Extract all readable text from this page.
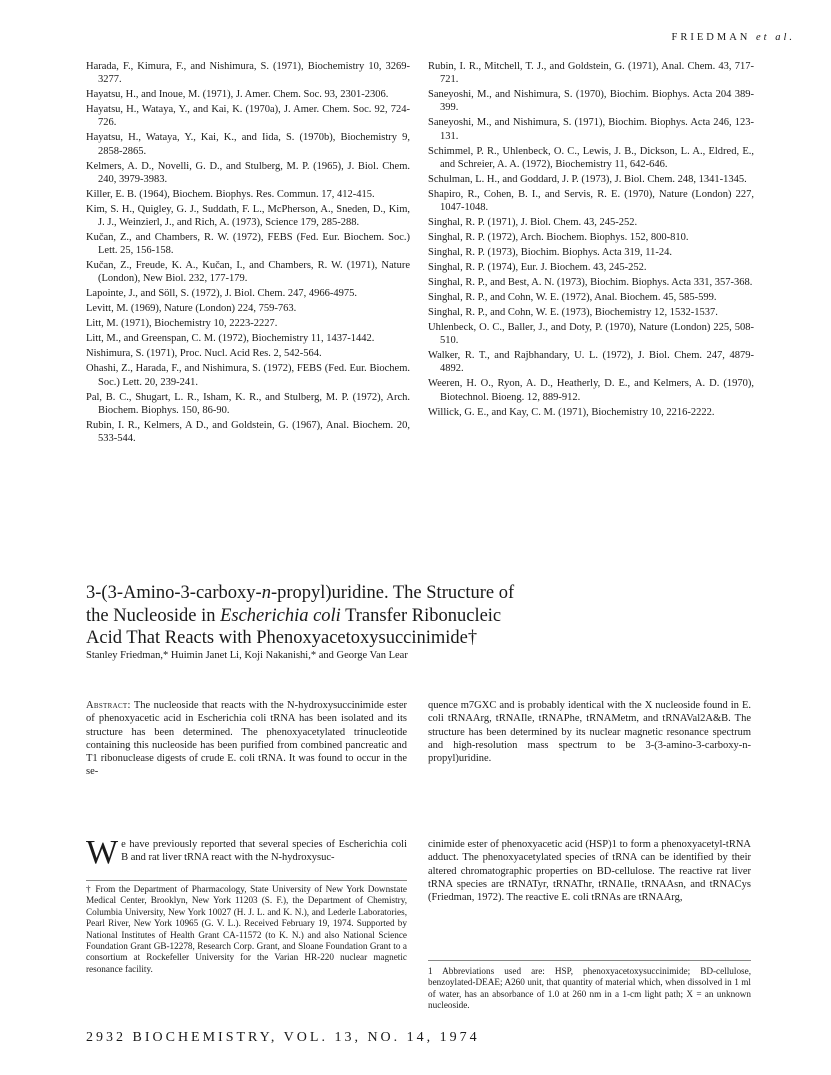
FRIEDMAN et al.

Harada, F., Kimura, F., and Nishimura, S. (1971), Biochemistry 10, 3269-3277.

Hayatsu, H., and Inoue, M. (1971), J. Amer. Chem. Soc. 93, 2301-2306.

Hayatsu, H., Wataya, Y., and Kai, K. (1970a), J. Amer. Chem. Soc. 92, 724-726.

Hayatsu, H., Wataya, Y., Kai, K., and Iida, S. (1970b), Biochemistry 9, 2858-2865.

Kelmers, A. D., Novelli, G. D., and Stulberg, M. P. (1965), J. Biol. Chem. 240, 3979-3983.

Killer, E. B. (1964), Biochem. Biophys. Res. Commun. 17, 412-415.

Kim, S. H., Quigley, G. J., Suddath, F. L., McPherson, A., Sneden, D., Kim, J. J., Weinzierl, J., and Rich, A. (1973), Science 179, 285-288.

Kučan, Z., and Chambers, R. W. (1972), FEBS (Fed. Eur. Biochem. Soc.) Lett. 25, 156-158.

Kučan, Z., Freude, K. A., Kučan, I., and Chambers, R. W. (1971), Nature (London), New Biol. 232, 177-179.

Lapointe, J., and Söll, S. (1972), J. Biol. Chem. 247, 4966-4975.

Levitt, M. (1969), Nature (London) 224, 759-763.

Litt, M. (1971), Biochemistry 10, 2223-2227.

Litt, M., and Greenspan, C. M. (1972), Biochemistry 11, 1437-1442.

Nishimura, S. (1971), Proc. Nucl. Acid Res. 2, 542-564.

Ohashi, Z., Harada, F., and Nishimura, S. (1972), FEBS (Fed. Eur. Biochem. Soc.) Lett. 20, 239-241.

Pal, B. C., Shugart, L. R., Isham, K. R., and Stulberg, M. P. (1972), Arch. Biochem. Biophys. 150, 86-90.

Rubin, I. R., Kelmers, A D., and Goldstein, G. (1967), Anal. Biochem. 20, 533-544.

Rubin, I. R., Mitchell, T. J., and Goldstein, G. (1971), Anal. Chem. 43, 717-721.

Saneyoshi, M., and Nishimura, S. (1970), Biochim. Biophys. Acta 204 389-399.

Saneyoshi, M., and Nishimura, S. (1971), Biochim. Biophys. Acta 246, 123-131.

Schimmel, P. R., Uhlenbeck, O. C., Lewis, J. B., Dickson, L. A., Eldred, E., and Schreier, A. A. (1972), Biochemistry 11, 642-646.

Schulman, L. H., and Goddard, J. P. (1973), J. Biol. Chem. 248, 1341-1345.

Shapiro, R., Cohen, B. I., and Servis, R. E. (1970), Nature (London) 227, 1047-1048.

Singhal, R. P. (1971), J. Biol. Chem. 43, 245-252.

Singhal, R. P. (1972), Arch. Biochem. Biophys. 152, 800-810.

Singhal, R. P. (1973), Biochim. Biophys. Acta 319, 11-24.

Singhal, R. P. (1974), Eur. J. Biochem. 43, 245-252.

Singhal, R. P., and Best, A. N. (1973), Biochim. Biophys. Acta 331, 357-368.

Singhal, R. P., and Cohn, W. E. (1972), Anal. Biochem. 45, 585-599.

Singhal, R. P., and Cohn, W. E. (1973), Biochemistry 12, 1532-1537.

Uhlenbeck, O. C., Baller, J., and Doty, P. (1970), Nature (London) 225, 508-510.

Walker, R. T., and Rajbhandary, U. L. (1972), J. Biol. Chem. 247, 4879-4892.

Weeren, H. O., Ryon, A. D., Heatherly, D. E., and Kelmers, A. D. (1970), Biotechnol. Bioeng. 12, 889-912.

Willick, G. E., and Kay, C. M. (1971), Biochemistry 10, 2216-2222.

3-(3-Amino-3-carboxy-n-propyl)uridine. The Structure of
the Nucleoside in Escherichia coli Transfer Ribonucleic
Acid That Reacts with Phenoxyacetoxysuccinimide†
Stanley Friedman,* Huimin Janet Li, Koji Nakanishi,* and George Van Lear
Abstract: The nucleoside that reacts with the N-hydroxysuccinimide ester of phenoxyacetic acid in Escherichia coli tRNA has been isolated and its structure has been determined. The phenoxyacetylated trinucleotide containing this nucleoside has been purified from combined pancreatic and T1 ribonuclease digests of crude E. coli tRNA. It was found to occur in the se-
quence m7GXC and is probably identical with the X nucleoside found in E. coli tRNAArg, tRNAIle, tRNAPhe, tRNAMetm, and tRNAVal2A&B. The structure has been determined by its nuclear magnetic resonance spectrum and high-resolution mass spectrum to be 3-(3-amino-3-carboxy-n-propyl)uridine.
W e have previously reported that several species of Escherichia coli B and rat liver tRNA react with the N-hydroxysuc-
cinimide ester of phenoxyacetic acid (HSP)1 to form a phenoxyacetyl-tRNA adduct. The phenoxyacetylated species of tRNA can be identified by their altered chromatographic properties on BD-cellulose. The reactive rat liver tRNA species are tRNATyr, tRNAThr, tRNAIle, tRNAAsn, and tRNACys (Friedman, 1972). The reactive E. coli tRNAs are tRNAArg,
† From the Department of Pharmacology, State University of New York Downstate Medical Center, Brooklyn, New York 11203 (S. F.), the Department of Chemistry, Columbia University, New York 10027 (H. J. L. and K. N.), and Lederle Laboratories, Pearl River, New York 10965 (G. V. L.). Received February 19, 1974. Supported by National Institutes of Health Grant CA-11572 (to K. N.) and also National Science Foundation Grant GB-12278, Research Corp. Grant, and Sloane Foundation Grant to a consortium at Rockefeller University for the Varian HR-220 nuclear magnetic resonance facility.	1 Abbreviations used are: HSP, phenoxyacetoxysuccinimide; BD-cellulose, benzoylated-DEAE; A260 unit, that quantity of material which, when dissolved in 1 ml of water, has an absorbance of 1.0 at 260 nm in a 1-cm light path; X = an unknown nucleoside.
2932 BIOCHEMISTRY, VOL. 13, NO. 14, 1974
